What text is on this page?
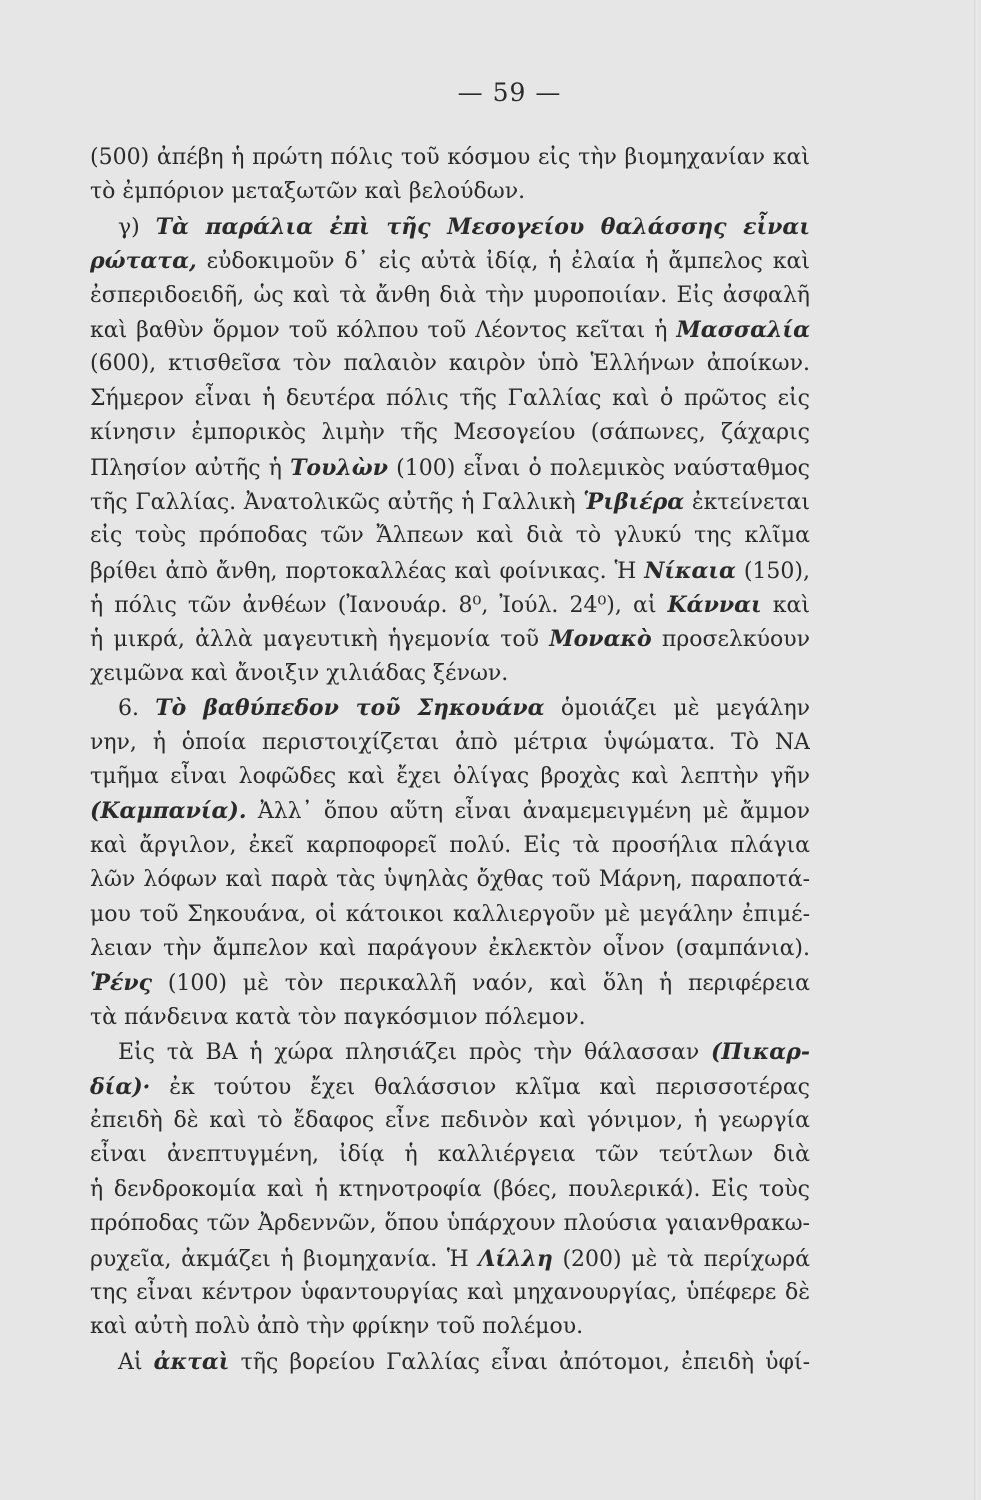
— 59 —
(500) ἀπέβη ἡ πρώτη πόλις τοῦ κόσμου εἰς τὴν βιομηχανίαν καὶ
τὸ ἐμπόριον μεταξωτῶν καὶ βελούδων.
γ) Τὰ παράλια ἐπὶ τῆς Μεσογείου θαλάσσης εἶναι
ρώτατα, εὐδοκιμοῦν δ᾽ εἰς αὐτὰ ἰδίᾳ, ἡ ἐλαία ἡ ἄμπελος καὶ
ἐσπεριδοειδῆ, ὡς καὶ τὰ ἄνθη διὰ τὴν μυροποιίαν. Εἰς ἀσφαλῆ
καὶ βαθὺν ὅρμον τοῦ κόλπου τοῦ Λέοντος κεῖται ἡ Μασσαλία
(600), κτισθεῖσα τὸν παλαιὸν καιρὸν ὑπὸ Ἑλλήνων ἀποίκων.
Σήμερον εἶναι ἡ δευτέρα πόλις τῆς Γαλλίας καὶ ὁ πρῶτος εἰς
κίνησιν ἐμπορικὸς λιμὴν τῆς Μεσογείου (σάπωνες, ζάχαρις
Πλησίον αὐτῆς ἡ Τουλὼν (100) εἶναι ὁ πολεμικὸς ναύσταθμος
τῆς Γαλλίας. Ἀνατολικῶς αὐτῆς ἡ Γαλλικὴ Ῥιβιέρα ἐκτείνεται
εἰς τοὺς πρόποδας τῶν Ἄλπεων καὶ διὰ τὸ γλυκύ της κλῖμα
βρίθει ἀπὸ ἄνθη, πορτοκαλλέας καὶ φοίνικας. Ἡ Νίκαια (150),
ἡ πόλις τῶν ἀνθέων (Ἰανουάρ. 8⁰, Ἰούλ. 24⁰), αἱ Κάνναι καὶ
ἡ μικρά, ἀλλὰ μαγευτικὴ ἡγεμονία τοῦ Μονακὸ προσελκύουν
χειμῶνα καὶ ἄνοιξιν χιλιάδας ξένων.
6. Τὸ βαθύπεδον τοῦ Σηκουάνα ὁμοιάζει μὲ μεγάλην
νην, ἡ ὁποία περιστοιχίζεται ἀπὸ μέτρια ὑψώματα. Τὸ ΝΑ
τμῆμα εἶναι λοφῶδες καὶ ἔχει ὀλίγας βροχὰς καὶ λεπτὴν γῆν
(Καμπανία). Ἀλλ᾽ ὅπου αὕτη εἶναι ἀναμεμειγμένη μὲ ἄμμον
καὶ ἄργιλον, ἐκεῖ καρποφορεῖ πολύ. Εἰς τὰ προσήλια πλάγια
λῶν λόφων καὶ παρὰ τὰς ὑψηλὰς ὄχθας τοῦ Μάρνη, παραποτά-
μου τοῦ Σηκουάνα, οἱ κάτοικοι καλλιεργοῦν μὲ μεγάλην ἐπιμέ-
λειαν τὴν ἄμπελον καὶ παράγουν ἐκλεκτὸν οἶνον (σαμπάνια).
Ῥένς (100) μὲ τὸν περικαλλῆ ναόν, καὶ ὅλη ἡ περιφέρεια
τὰ πάνδεινα κατὰ τὸν παγκόσμιον πόλεμον.
Εἰς τὰ ΒΑ ἡ χώρα πλησιάζει πρὸς τὴν θάλασσαν (Πικαρ-
δία)· ἐκ τούτου ἔχει θαλάσσιον κλῖμα καὶ περισσοτέρας
ἐπειδὴ δὲ καὶ τὸ ἔδαφος εἶνε πεδινὸν καὶ γόνιμον, ἡ γεωργία
εἶναι ἀνεπτυγμένη, ἰδίᾳ ἡ καλλιέργεια τῶν τεύτλων διὰ
ἡ δενδροκομία καὶ ἡ κτηνοτροφία (βόες, πουλερικά). Εἰς τοὺς
πρόποδας τῶν Ἀρδεννῶν, ὅπου ὑπάρχουν πλούσια γαιανθρακω-
ρυχεῖα, ἀκμάζει ἡ βιομηχανία. Ἡ Λίλλη (200) μὲ τὰ περίχωρά
της εἶναι κέντρον ὑφαντουργίας καὶ μηχανουργίας, ὑπέφερε δὲ
καὶ αὐτὴ πολὺ ἀπὸ τὴν φρίκην τοῦ πολέμου.
Αἱ ἀκταὶ τῆς βορείου Γαλλίας εἶναι ἀπότομοι, ἐπειδὴ ὑφί-
